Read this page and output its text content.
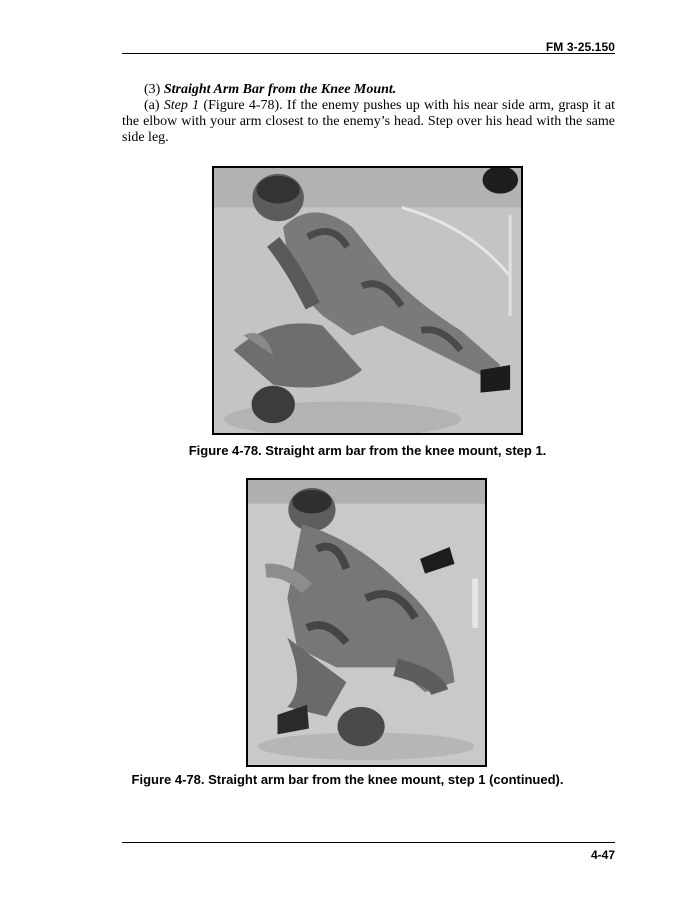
FM 3-25.150

(3) Straight Arm Bar from the Knee Mount.

(a) Step 1 (Figure 4-78). If the enemy pushes up with his near side arm, grasp it at the elbow with your arm closest to the enemy’s head. Step over his head with the same side leg.

Figure 4-78. Straight arm bar from the knee mount, step 1.
Figure 4-78. Straight arm bar from the knee mount, step 1 (continued).
4-47
